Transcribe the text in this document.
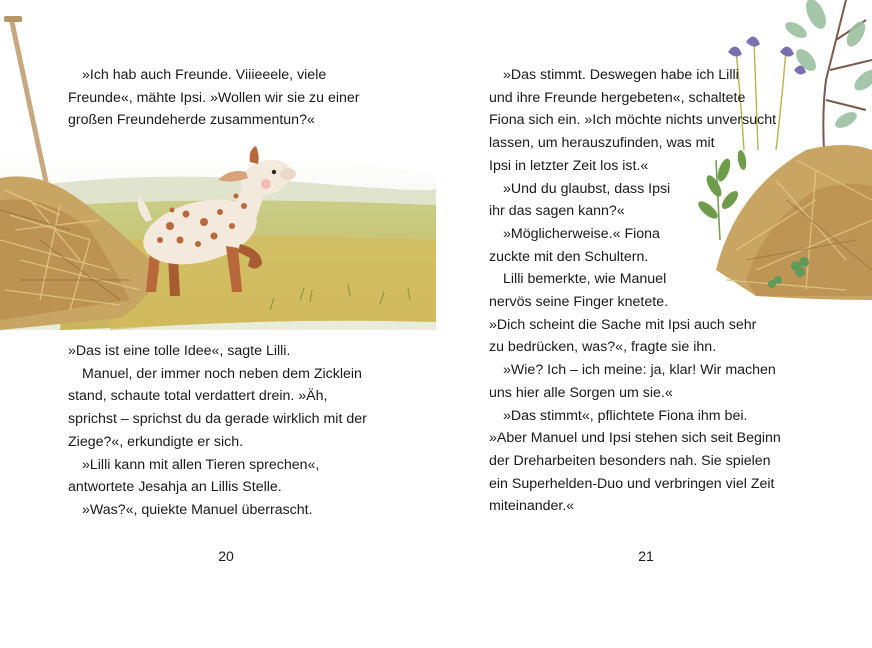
»Ich hab auch Freunde. Viiieeele, viele
Freunde«, mähte Ipsi. »Wollen wir sie zu einer
großen Freundeherde zusammentun?«
»Das ist eine tolle Idee«, sagte Lilli.
Manuel, der immer noch neben dem Zicklein
stand, schaute total verdattert drein. »Äh,
sprichst – sprichst du da gerade wirklich mit der
Ziege?«, erkundigte er sich.
»Lilli kann mit allen Tieren sprechen«,
antwortete Jesahja an Lillis Stelle.
»Was?«, quiekte Manuel überrascht.
20
»Das stimmt. Deswegen habe ich Lilli
und ihre Freunde hergebeten«, schaltete
Fiona sich ein. »Ich möchte nichts unversucht
lassen, um herauszufinden, was mit
Ipsi in letzter Zeit los ist.«
»Und du glaubst, dass Ipsi
ihr das sagen kann?«
»Möglicherweise.« Fiona
zuckte mit den Schultern.
Lilli bemerkte, wie Manuel
nervös seine Finger knetete.
»Dich scheint die Sache mit Ipsi auch sehr
zu bedrücken, was?«, fragte sie ihn.
»Wie? Ich – ich meine: ja, klar! Wir machen
uns hier alle Sorgen um sie.«
»Das stimmt«, pflichtete Fiona ihm bei.
»Aber Manuel und Ipsi stehen sich seit Beginn
der Dreharbeiten besonders nah. Sie spielen
ein Superhelden-Duo und verbringen viel Zeit
miteinander.«
21
